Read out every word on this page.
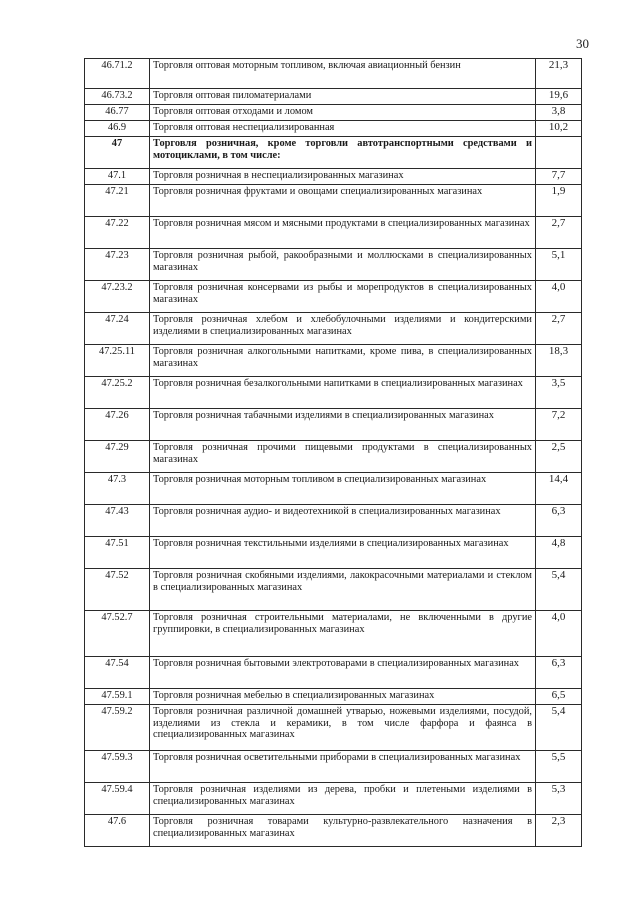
30
46.71.2	Торговля оптовая моторным топливом, включая авиационный бензин	21,3
46.73.2	Торговля оптовая пиломатериалами	19,6
46.77	Торговля оптовая отходами и ломом	3,8
46.9	Торговля оптовая неспециализированная	10,2
47	Торговля розничная, кроме торговли автотранспортными средствами и мотоциклами, в том числе:	
47.1	Торговля розничная в неспециализированных магазинах	7,7
47.21	Торговля розничная фруктами и овощами специализированных магазинах	1,9
47.22	Торговля розничная мясом и мясными продуктами в специализированных магазинах	2,7
47.23	Торговля розничная рыбой, ракообразными и моллюсками в специализированных магазинах	5,1
47.23.2	Торговля розничная консервами из рыбы и морепродуктов в специализированных магазинах	4,0
47.24	Торговля розничная хлебом и хлебобулочными изделиями и кондитерскими изделиями в специализированных магазинах	2,7
47.25.11	Торговля розничная алкогольными напитками, кроме пива, в специализированных магазинах	18,3
47.25.2	Торговля розничная безалкогольными напитками в специализированных магазинах	3,5
47.26	Торговля розничная табачными изделиями в специализированных магазинах	7,2
47.29	Торговля розничная прочими пищевыми продуктами в специализированных магазинах	2,5
47.3	Торговля розничная моторным топливом в специализированных магазинах	14,4
47.43	Торговля розничная аудио- и видеотехникой в специализированных магазинах	6,3
47.51	Торговля розничная текстильными изделиями в специализированных магазинах	4,8
47.52	Торговля розничная скобяными изделиями, лакокрасочными материалами и стеклом в специализированных магазинах	5,4
47.52.7	Торговля розничная строительными материалами, не включенными в другие группировки, в специализированных магазинах	4,0
47.54	Торговля розничная бытовыми электротоварами в специализированных магазинах	6,3
47.59.1	Торговля розничная мебелью в специализированных магазинах	6,5
47.59.2	Торговля розничная различной домашней утварью, ножевыми изделиями, посудой, изделиями из стекла и керамики, в том числе фарфора и фаянса в специализированных магазинах	5,4
47.59.3	Торговля розничная осветительными приборами в специализированных магазинах	5,5
47.59.4	Торговля розничная изделиями из дерева, пробки и плетеными изделиями в специализированных магазинах	5,3
47.6	Торговля розничная товарами культурно-развлекательного назначения в специализированных магазинах	2,3
